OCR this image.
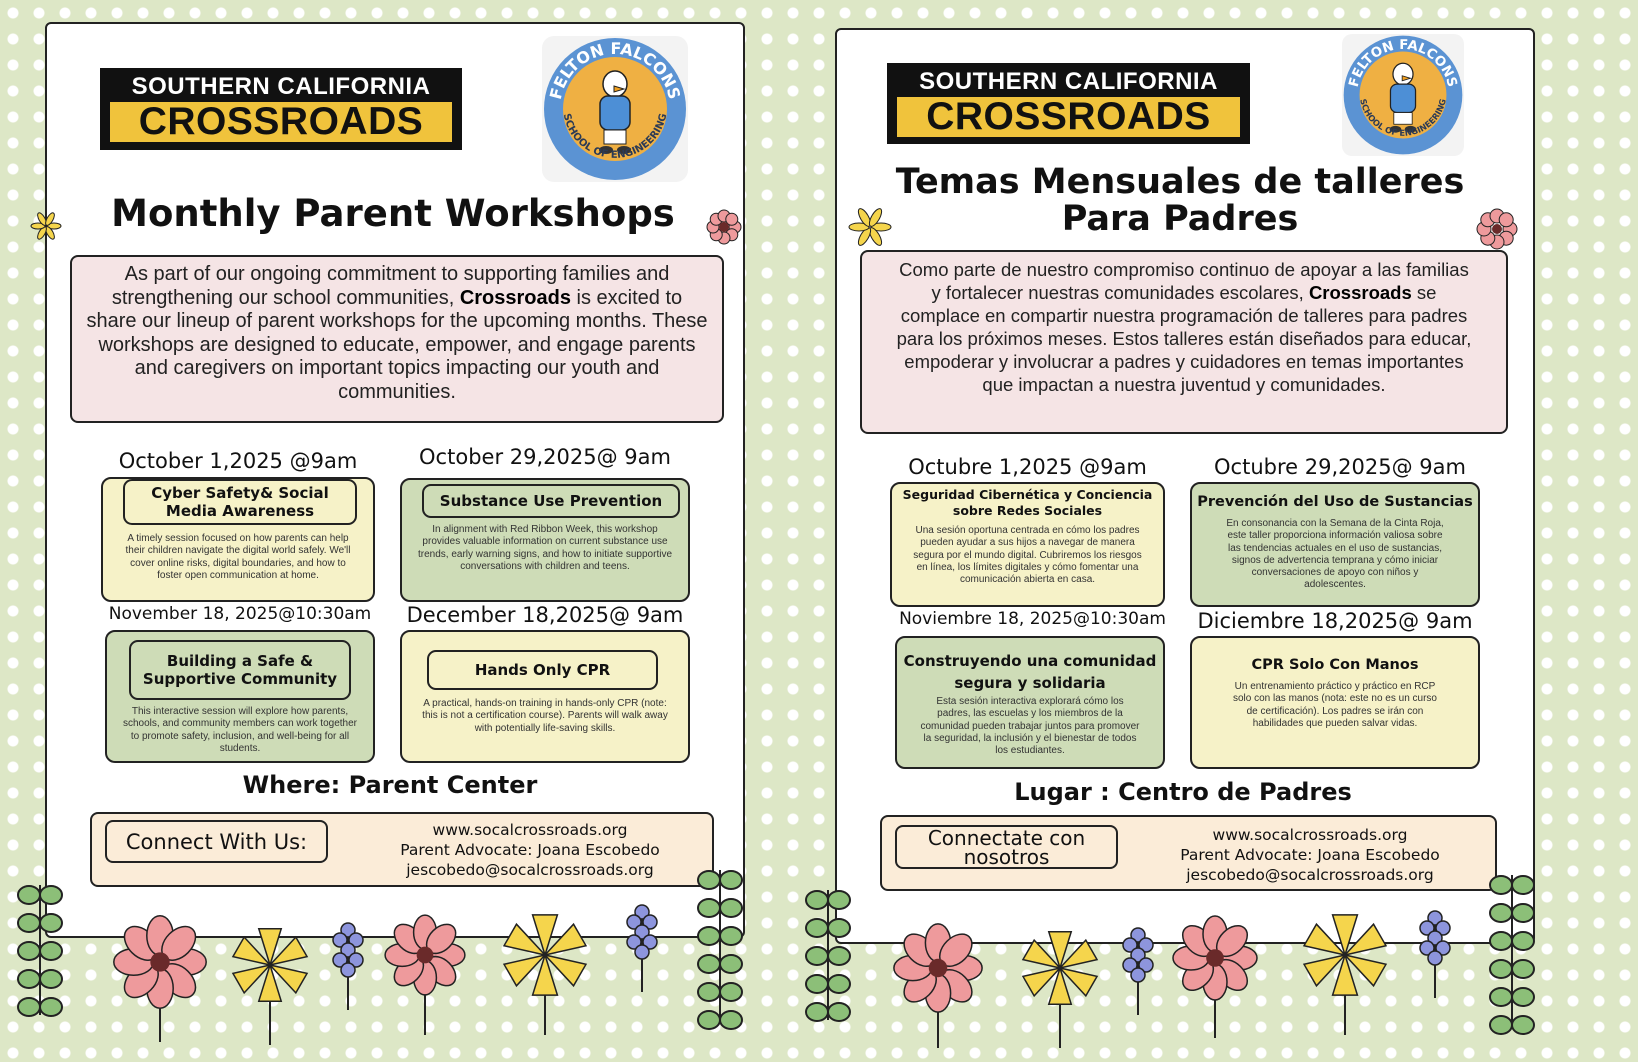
SOUTHERN CALIFORNIA
CROSSROADS
FELTON FALCONS
SCHOOL OF ENGINEERING
Monthly Parent Workshops
As part of our ongoing commitment to supporting families and strengthening our school communities, Crossroads is excited to share our lineup of parent workshops for the upcoming months. These workshops are designed to educate, empower, and engage parents and caregivers on important topics impacting our youth and communities.
October 1,2025 @9am
Cyber Safety& Social Media Awareness
A timely session focused on how parents can help their children navigate the digital world safely. We'll cover online risks, digital boundaries, and how to foster open communication at home.
October 29,2025@ 9am
Substance Use Prevention
In alignment with Red Ribbon Week, this workshop provides valuable information on current substance use trends, early warning signs, and how to initiate supportive conversations with children and teens.
November 18, 2025@10:30am
Building a Safe & Supportive Community
This interactive session will explore how parents, schools, and community members can work together to promote safety, inclusion, and well-being for all students.
December 18,2025@ 9am
Hands Only CPR
A practical, hands-on training in hands-only CPR (note: this is not a certification course). Parents will walk away with potentially life-saving skills.
Where: Parent Center
Connect With Us:	www.socalcrossroads.org
Parent Advocate: Joana Escobedo
jescobedo@socalcrossroads.org
SOUTHERN CALIFORNIA
CROSSROADS
FELTON FALCONS
SCHOOL OF ENGINEERING
Temas Mensuales de talleres
Para Padres
Como parte de nuestro compromiso continuo de apoyar a las familias y fortalecer nuestras comunidades escolares, Crossroads se complace en compartir nuestra programación de talleres para padres para los próximos meses. Estos talleres están diseñados para educar, empoderar y involucrar a padres y cuidadores en temas importantes que impactan a nuestra juventud y comunidades.
Octubre 1,2025 @9am
Seguridad Cibernética y Conciencia sobre Redes Sociales
Una sesión oportuna centrada en cómo los padres pueden ayudar a sus hijos a navegar de manera segura por el mundo digital. Cubriremos los riesgos en línea, los límites digitales y cómo fomentar una comunicación abierta en casa.
Octubre 29,2025@ 9am
Prevención del Uso de Sustancias
En consonancia con la Semana de la Cinta Roja, este taller proporciona información valiosa sobre las tendencias actuales en el uso de sustancias, signos de advertencia temprana y cómo iniciar conversaciones de apoyo con niños y adolescentes.
Noviembre 18, 2025@10:30am
Construyendo una comunidad segura y solidaria
Esta sesión interactiva explorará cómo los padres, las escuelas y los miembros de la comunidad pueden trabajar juntos para promover la seguridad, la inclusión y el bienestar de todos los estudiantes.
Diciembre 18,2025@ 9am
CPR Solo Con Manos
Un entrenamiento práctico y práctico en RCP solo con las manos (nota: este no es un curso de certificación). Los padres se irán con habilidades que pueden salvar vidas.
Lugar : Centro de Padres
Connectate con nosotros
www.socalcrossroads.org
Parent Advocate: Joana Escobedo
jescobedo@socalcrossroads.org
